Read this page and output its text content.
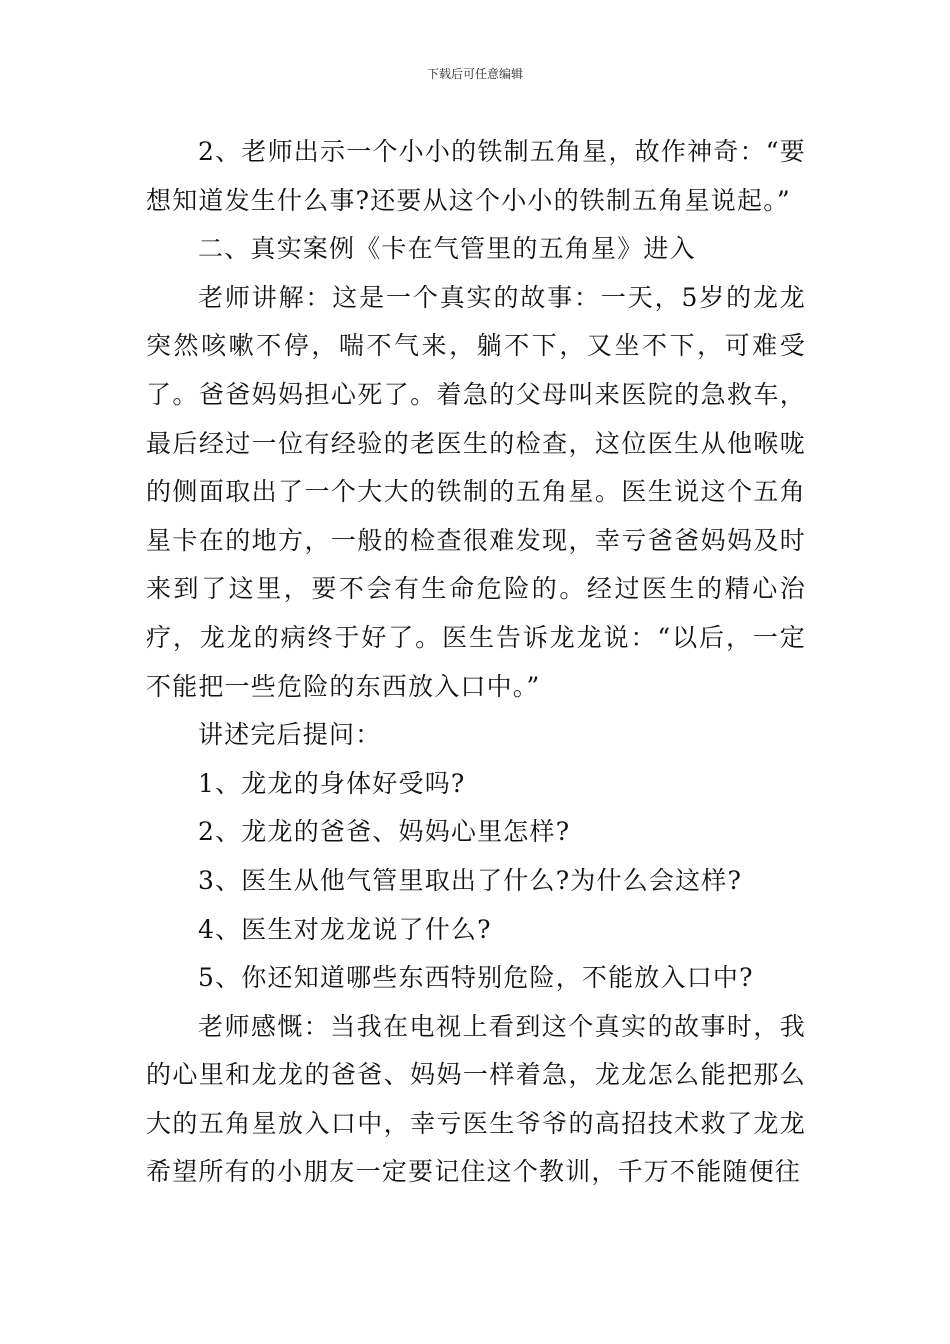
下载后可任意编辑

2、老师出示一个小小的铁制五角星，故作神奇：“要想知道发生什么事?还要从这个小小的铁制五角星说起。”

二、真实案例《卡在气管里的五角星》进入

老师讲解：这是一个真实的故事：一天，5岁的龙龙突然咳嗽不停，喘不气来，躺不下，又坐不下，可难受了。爸爸妈妈担心死了。着急的父母叫来医院的急救车，最后经过一位有经验的老医生的检查，这位医生从他喉咙的侧面取出了一个大大的铁制的五角星。医生说这个五角星卡在的地方，一般的检查很难发现，幸亏爸爸妈妈及时来到了这里，要不会有生命危险的。经过医生的精心治疗，龙龙的病终于好了。医生告诉龙龙说：“以后，一定不能把一些危险的东西放入口中。”

讲述完后提问：

1、龙龙的身体好受吗?

2、龙龙的爸爸、妈妈心里怎样?

3、医生从他气管里取出了什么?为什么会这样?

4、医生对龙龙说了什么?

5、你还知道哪些东西特别危险，不能放入口中?

老师感慨：当我在电视上看到这个真实的故事时，我的心里和龙龙的爸爸、妈妈一样着急，龙龙怎么能把那么大的五角星放入口中，幸亏医生爷爷的高招技术救了龙龙希望所有的小朋友一定要记住这个教训，千万不能随便往
